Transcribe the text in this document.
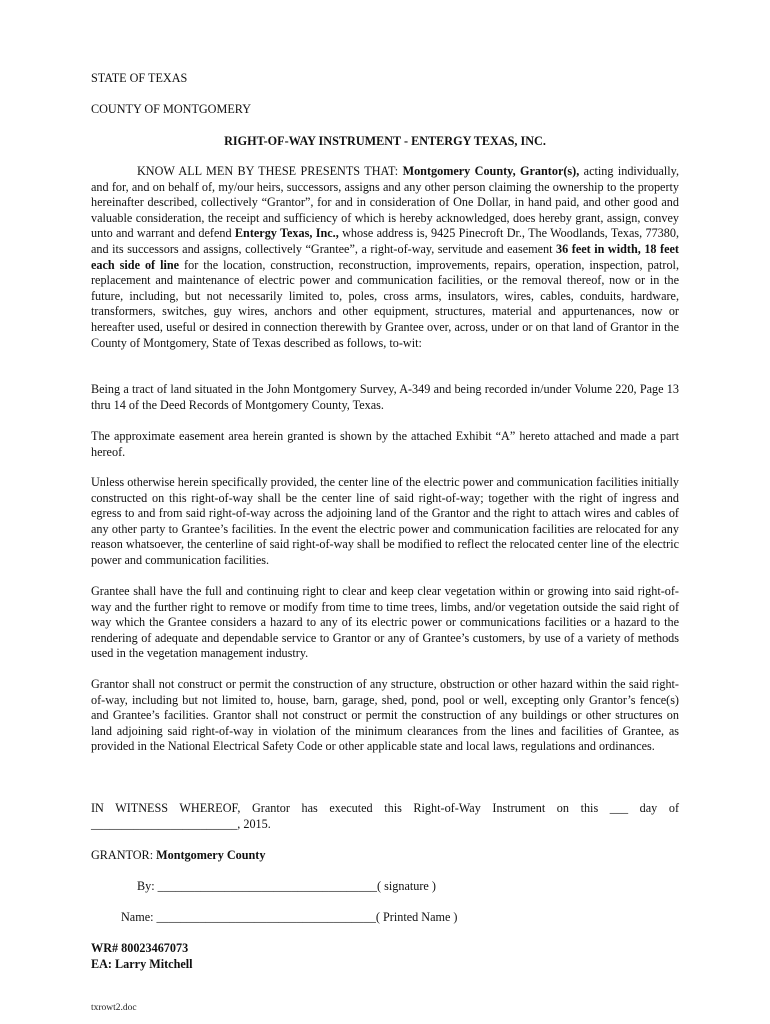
STATE OF TEXAS
COUNTY OF MONTGOMERY
RIGHT-OF-WAY INSTRUMENT - ENTERGY TEXAS, INC.

KNOW ALL MEN BY THESE PRESENTS THAT: Montgomery County, Grantor(s), acting individually, and for, and on behalf of, my/our heirs, successors, assigns and any other person claiming the ownership to the property hereinafter described, collectively “Grantor”, for and in consideration of One Dollar, in hand paid, and other good and valuable consideration, the receipt and sufficiency of which is hereby acknowledged, does hereby grant, assign, convey unto and warrant and defend Entergy Texas, Inc., whose address is, 9425 Pinecroft Dr., The Woodlands, Texas, 77380, and its successors and assigns, collectively “Grantee”, a right-of-way, servitude and easement 36 feet in width, 18 feet each side of line for the location, construction, reconstruction, improvements, repairs, operation, inspection, patrol, replacement and maintenance of electric power and communication facilities, or the removal thereof, now or in the future, including, but not necessarily limited to, poles, cross arms, insulators, wires, cables, conduits, hardware, transformers, switches, guy wires, anchors and other equipment, structures, material and appurtenances, now or hereafter used, useful or desired in connection therewith by Grantee over, across, under or on that land of Grantor in the County of Montgomery, State of Texas described as follows, to-wit:

Being a tract of land situated in the John Montgomery Survey, A-349 and being recorded in/under Volume 220, Page 13 thru 14 of the Deed Records of Montgomery County, Texas.

The approximate easement area herein granted is shown by the attached Exhibit “A” hereto attached and made a part hereof.

Unless otherwise herein specifically provided, the center line of the electric power and communication facilities initially constructed on this right-of-way shall be the center line of said right-of-way; together with the right of ingress and egress to and from said right-of-way across the adjoining land of the Grantor and the right to attach wires and cables of any other party to Grantee’s facilities. In the event the electric power and communication facilities are relocated for any reason whatsoever, the centerline of said right-of-way shall be modified to reflect the relocated center line of the electric power and communication facilities.

Grantee shall have the full and continuing right to clear and keep clear vegetation within or growing into said right-of-way and the further right to remove or modify from time to time trees, limbs, and/or vegetation outside the said right of way which the Grantee considers a hazard to any of its electric power or communications facilities or a hazard to the rendering of adequate and dependable service to Grantor or any of Grantee’s customers, by use of a variety of methods used in the vegetation management industry.

Grantor shall not construct or permit the construction of any structure, obstruction or other hazard within the said right-of-way, including but not limited to, house, barn, garage, shed, pond, pool or well, excepting only Grantor’s fence(s) and Grantee’s facilities. Grantor shall not construct or permit the construction of any buildings or other structures on land adjoining said right-of-way in violation of the minimum clearances from the lines and facilities of Grantee, as provided in the National Electrical Safety Code or other applicable state and local laws, regulations and ordinances.

IN WITNESS WHEREOF, Grantor has executed this Right-of-Way Instrument on this ___ day of ________________________, 2015.

GRANTOR: Montgomery County
By: ____________________________________( signature )
Name: ____________________________________( Printed Name )
WR# 80023467073
EA: Larry Mitchell
txrowt2.doc
